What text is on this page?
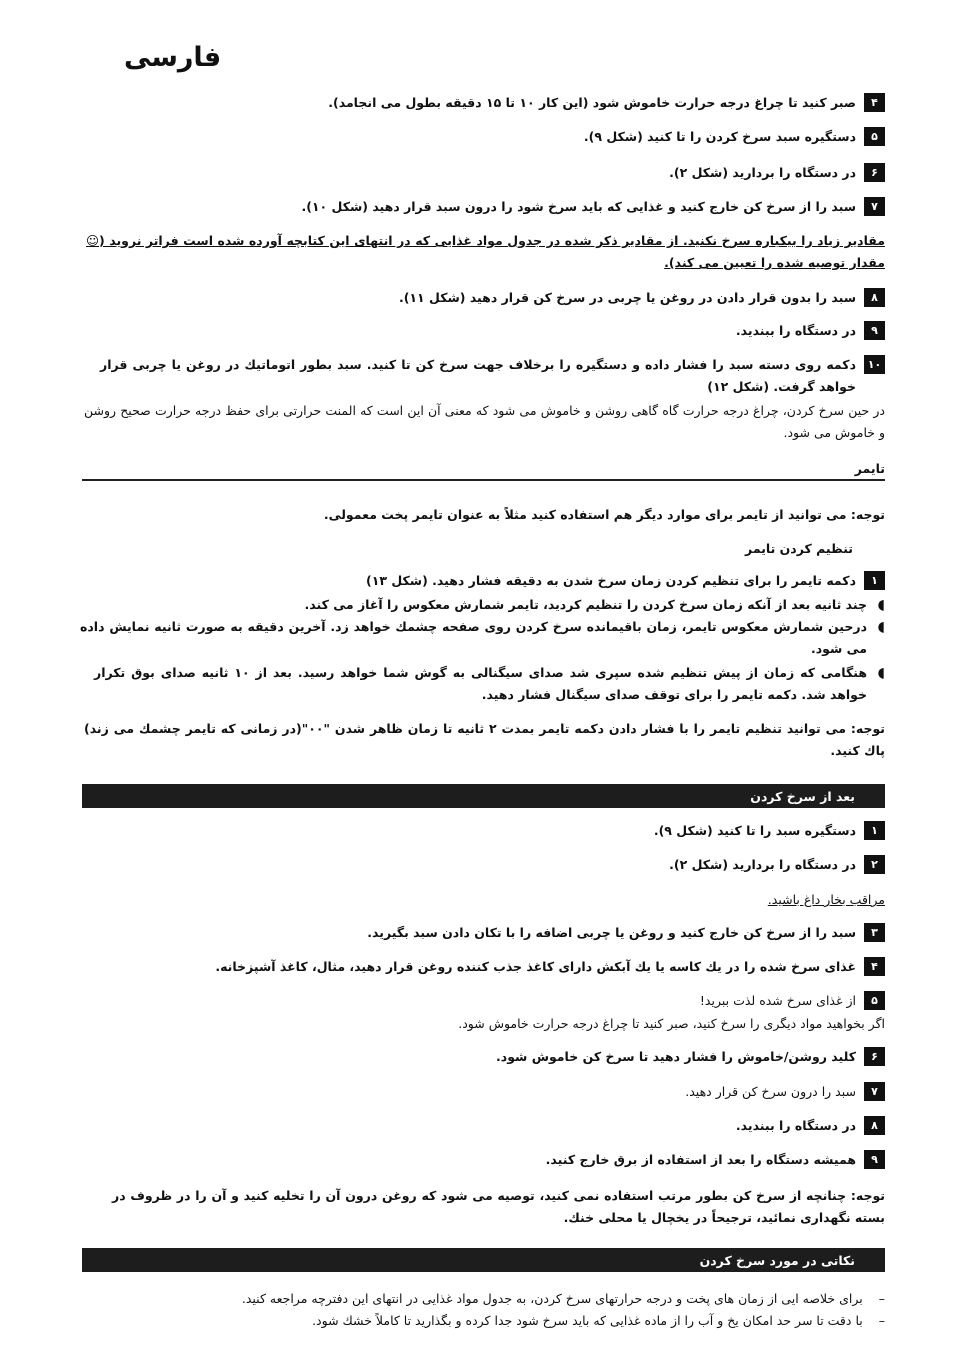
فارسی
۴
صبر کنید تا چراغ درجه حرارت خاموش شود (این کار ۱۰ تا ۱۵ دقیقه بطول می انجامد).
۵
دستگیره سبد سرخ کردن را تا کنید (شکل ۹).
۶
در دستگاه را بردارید (شکل ۲).
۷
سبد را از سرخ کن خارج کنید و غذایی که باید سرخ شود را درون سبد قرار دهید (شکل ۱۰).
مقادیر زیاد را بیکباره سرخ نکنید. از مقادیر ذکر شده در جدول مواد غذایی که در انتهای این کتابچه آورده شده است فراتر نروید (☺مقدار توصیه شده را تعیین می کند).
۸
سبد را بدون قرار دادن در روغن یا چربی در سرخ کن قرار دهید (شکل ۱۱).
۹
در دستگاه را ببندید.
۱۰
دکمه روی دسته سبد را فشار داده و دستگیره را برخلاف جهت سرخ کن تا کنید. سبد بطور اتوماتیك در روغن یا چربی قرار خواهد گرفت. (شکل ۱۲)
در حین سرخ کردن، چراغ درجه حرارت گاه گاهی روشن و خاموش می شود که معنی آن این است که المنت حرارتی برای حفظ درجه حرارت صحیح روشن و خاموش می شود.
تایمر
توجه: می توانید از تایمر برای موارد دیگر هم استفاده کنید مثلاً به عنوان تایمر پخت معمولی.
تنظیم کردن تایمر
۱
دکمه تایمر را برای تنظیم کردن زمان سرخ شدن به دقیقه فشار دهید. (شکل ۱۳)
◖
چند ثانیه بعد از آنکه زمان سرخ کردن را تنظیم کردید، تایمر شمارش معکوس را آغاز می کند.
◖
درحین شمارش معکوس تایمر، زمان باقیمانده سرخ کردن روی صفحه چشمك خواهد زد. آخرین دقیقه به صورت ثانیه نمایش داده می شود.
◖
هنگامی که زمان از پیش تنظیم شده سپری شد صدای سیگنالی به گوش شما خواهد رسید. بعد از ۱۰ ثانیه صدای بوق تکرار خواهد شد. دکمه تایمر را برای توقف صدای سیگنال فشار دهید.
توجه: می توانید تنظیم تایمر را با فشار دادن دکمه تایمر بمدت ۲ ثانیه تا زمان ظاهر شدن "۰۰"(در زمانی که تایمر چشمك می زند) پاك کنید.
بعد از سرخ کردن
۱
دستگیره سبد را تا کنید (شکل ۹).
۲
در دستگاه را بردارید (شکل ۲).
مراقب بخار داغ باشید.
۳
سبد را از سرخ کن خارج کنید و روغن یا چربی اضافه را با تکان دادن سبد بگیرید.
۴
غذای سرخ شده را در یك کاسه یا یك آبکش دارای کاغذ جذب کننده روغن قرار دهید، مثال، کاغذ آشپزخانه.
۵
از غذای سرخ شده لذت ببرید!
اگر بخواهید مواد دیگری را سرخ کنید، صبر کنید تا چراغ درجه حرارت خاموش شود.
۶
کلید روشن/خاموش را فشار دهید تا سرخ کن خاموش شود.
۷
سبد را درون سرخ کن قرار دهید.
۸
در دستگاه را ببندید.
۹
همیشه دستگاه را بعد از استفاده از برق خارج کنید.
توجه: چنانچه از سرخ کن بطور مرتب استفاده نمی کنید، توصیه می شود که روغن درون آن را تخلیه کنید و آن را در ظروف در بسته نگهداری نمائید، ترجیحاً در یخچال یا محلی خنك.
نکاتی در مورد سرخ کردن
–
برای خلاصه ایی از زمان های پخت و درجه حرارتهای سرخ کردن، به جدول مواد غذایی در انتهای این دفترچه مراجعه کنید.
–
با دقت تا سر حد امکان یخ و آب را از ماده غذایی که باید سرخ شود جدا کرده و بگذارید تا کاملاً خشك شود.
